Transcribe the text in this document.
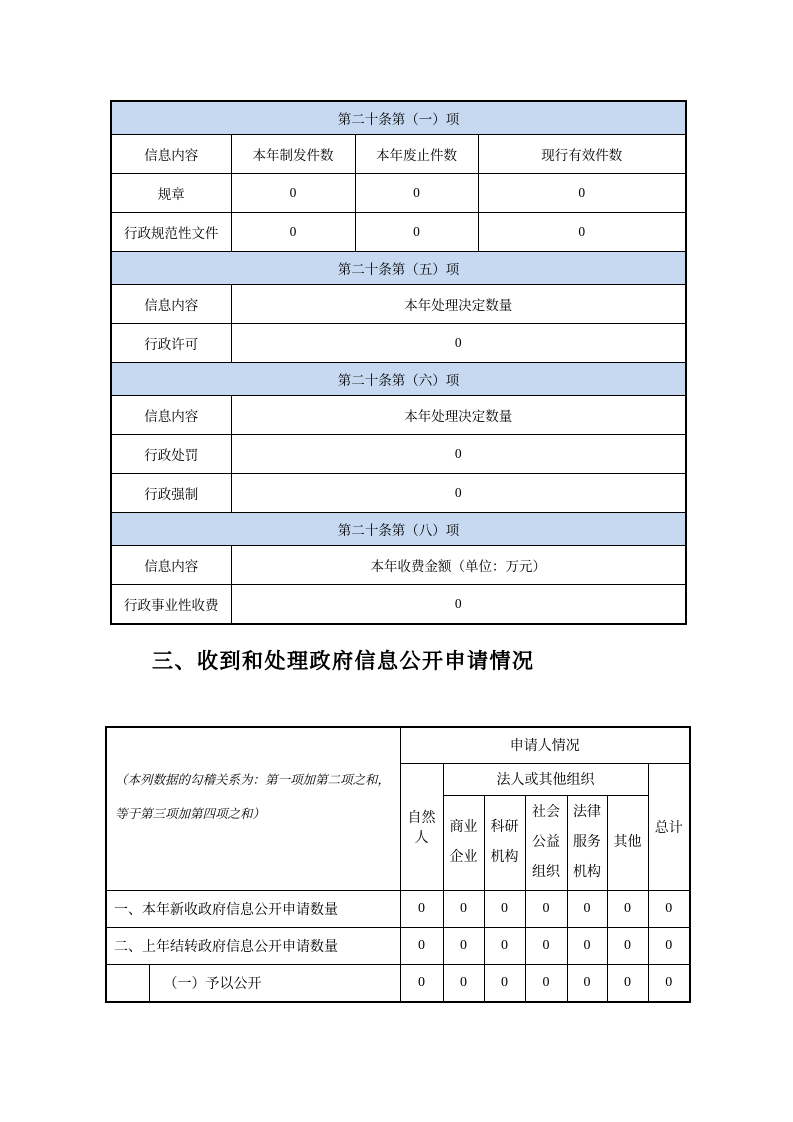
第二十条第（一）项			
信息内容	本年制发件数	本年废止件数	现行有效件数
规章	0	0	0
行政规范性文件	0	0	0
第二十条第（五）项			
信息内容	本年处理决定数量		
行政许可	0		
第二十条第（六）项			
信息内容	本年处理决定数量		
行政处罚	0		
行政强制	0		
第二十条第（八）项			
信息内容	本年收费金额（单位：万元）		
行政事业性收费	0		
三、收到和处理政府信息公开申请情况
（本列数据的勾稽关系为：第一项加第二项之和，等于第三项加第四项之和）		申请人情况						
		自然人	法人或其他组织					总计
			商业企业	科研机构	社会公益组织	法律服务机构	其他	
一、本年新收政府信息公开申请数量		0	0	0	0	0	0	0
二、上年结转政府信息公开申请数量		0	0	0	0	0	0	0
	（一）予以公开	0	0	0	0	0	0	0
